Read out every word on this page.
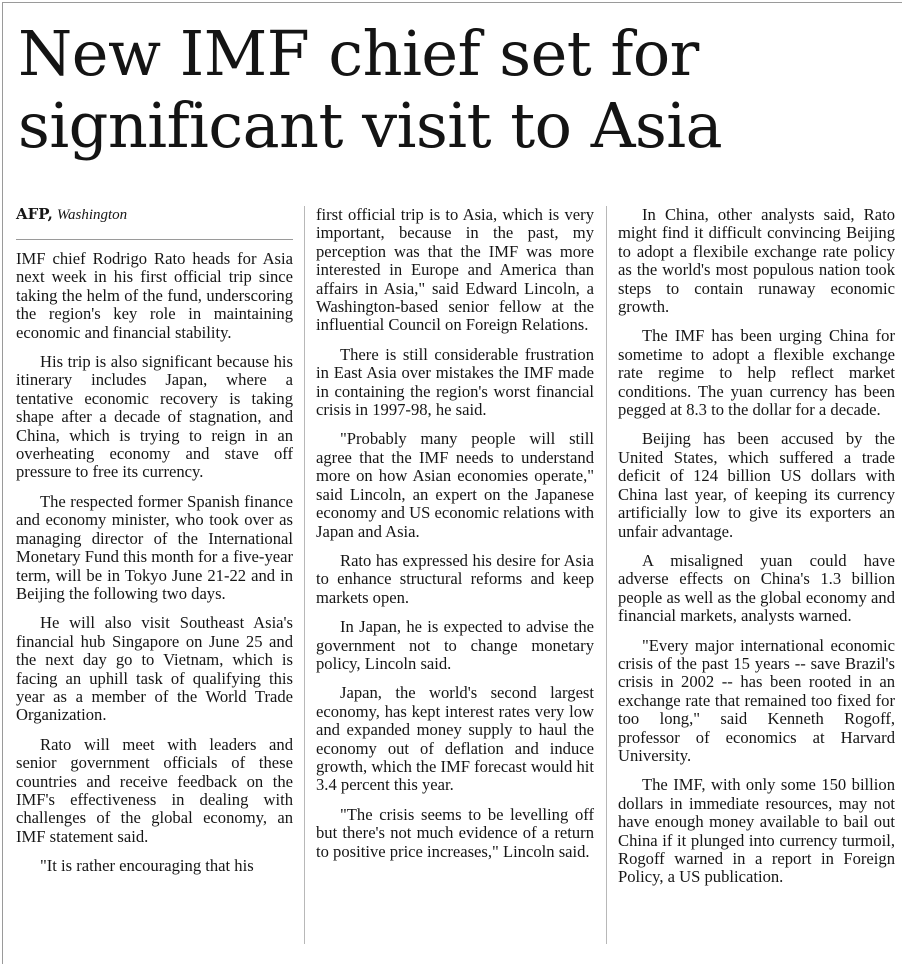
New IMF chief set for significant visit to Asia
AFP, Washington

IMF chief Rodrigo Rato heads for Asia next week in his first official trip since taking the helm of the fund, underscoring the region's key role in maintaining economic and financial stability.

His trip is also significant because his itinerary includes Japan, where a tentative economic recovery is taking shape after a decade of stagnation, and China, which is trying to reign in an overheating economy and stave off pressure to free its currency.

The respected former Spanish finance and economy minister, who took over as managing director of the International Monetary Fund this month for a five-year term, will be in Tokyo June 21-22 and in Beijing the following two days.

He will also visit Southeast Asia's financial hub Singapore on June 25 and the next day go to Vietnam, which is facing an uphill task of qualifying this year as a member of the World Trade Organization.

Rato will meet with leaders and senior government officials of these countries and receive feedback on the IMF's effectiveness in dealing with challenges of the global economy, an IMF statement said.

"It is rather encouraging that his

first official trip is to Asia, which is very important, because in the past, my perception was that the IMF was more interested in Europe and America than affairs in Asia," said Edward Lincoln, a Washington-based senior fellow at the influential Council on Foreign Relations.

There is still considerable frustration in East Asia over mistakes the IMF made in containing the region's worst financial crisis in 1997-98, he said.

"Probably many people will still agree that the IMF needs to understand more on how Asian economies operate," said Lincoln, an expert on the Japanese economy and US economic relations with Japan and Asia.

Rato has expressed his desire for Asia to enhance structural reforms and keep markets open.

In Japan, he is expected to advise the government not to change monetary policy, Lincoln said.

Japan, the world's second largest economy, has kept interest rates very low and expanded money supply to haul the economy out of deflation and induce growth, which the IMF forecast would hit 3.4 percent this year.

"The crisis seems to be levelling off but there's not much evidence of a return to positive price increases," Lincoln said.

In China, other analysts said, Rato might find it difficult convincing Beijing to adopt a flexibile exchange rate policy as the world's most populous nation took steps to contain runaway economic growth.

The IMF has been urging China for sometime to adopt a flexible exchange rate regime to help reflect market conditions. The yuan currency has been pegged at 8.3 to the dollar for a decade.

Beijing has been accused by the United States, which suffered a trade deficit of 124 billion US dollars with China last year, of keeping its currency artificially low to give its exporters an unfair advantage.

A misaligned yuan could have adverse effects on China's 1.3 billion people as well as the global economy and financial markets, analysts warned.

"Every major international economic crisis of the past 15 years -- save Brazil's crisis in 2002 -- has been rooted in an exchange rate that remained too fixed for too long," said Kenneth Rogoff, professor of economics at Harvard University.

The IMF, with only some 150 billion dollars in immediate resources, may not have enough money available to bail out China if it plunged into currency turmoil, Rogoff warned in a report in Foreign Policy, a US publication.
